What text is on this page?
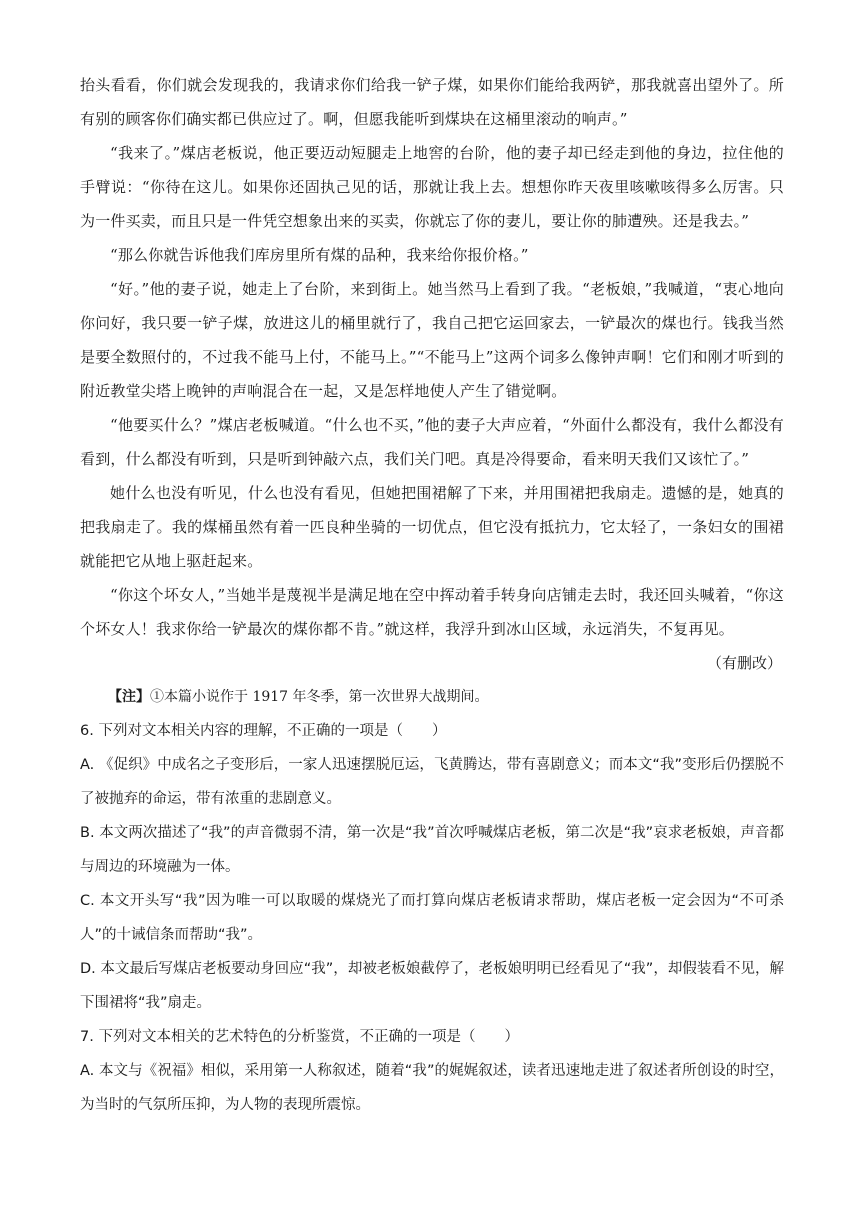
抬头看看，你们就会发现我的，我请求你们给我一铲子煤，如果你们能给我两铲，那我就喜出望外了。所有别的顾客你们确实都已供应过了。啊，但愿我能听到煤块在这桶里滚动的响声。”

“我来了。”煤店老板说，他正要迈动短腿走上地窖的台阶，他的妻子却已经走到他的身边，拉住他的手臂说：“你待在这儿。如果你还固执己见的话，那就让我上去。想想你昨天夜里咳嗽咳得多么厉害。只为一件买卖，而且只是一件凭空想象出来的买卖，你就忘了你的妻儿，要让你的肺遭殃。还是我去。”

“那么你就告诉他我们库房里所有煤的品种，我来给你报价格。”

“好。”他的妻子说，她走上了台阶，来到街上。她当然马上看到了我。“老板娘，”我喊道，“衷心地向你问好，我只要一铲子煤，放进这儿的桶里就行了，我自己把它运回家去，一铲最次的煤也行。钱我当然是要全数照付的，不过我不能马上付，不能马上。”“不能马上”这两个词多么像钟声啊！它们和刚才听到的附近教堂尖塔上晚钟的声响混合在一起，又是怎样地使人产生了错觉啊。

“他要买什么？”煤店老板喊道。“什么也不买，”他的妻子大声应着，“外面什么都没有，我什么都没有看到，什么都没有听到，只是听到钟敲六点，我们关门吧。真是冷得要命，看来明天我们又该忙了。”

她什么也没有听见，什么也没有看见，但她把围裙解了下来，并用围裙把我扇走。遗憾的是，她真的把我扇走了。我的煤桶虽然有着一匹良种坐骑的一切优点，但它没有抵抗力，它太轻了，一条妇女的围裙就能把它从地上驱赶起来。

“你这个坏女人，”当她半是蔑视半是满足地在空中挥动着手转身向店铺走去时，我还回头喊着，“你这个坏女人！我求你给一铲最次的煤你都不肯。”就这样，我浮升到冰山区域，永远消失，不复再见。

（有删改）

【注】①本篇小说作于 1917 年冬季，第一次世界大战期间。

6. 下列对文本相关内容的理解，不正确的一项是（　　）

A. 《促织》中成名之子变形后，一家人迅速摆脱厄运，飞黄腾达，带有喜剧意义；而本文“我”变形后仍摆脱不了被抛弃的命运，带有浓重的悲剧意义。

B. 本文两次描述了“我”的声音微弱不清，第一次是“我”首次呼喊煤店老板，第二次是“我”哀求老板娘，声音都与周边的环境融为一体。

C. 本文开头写“我”因为唯一可以取暖的煤烧光了而打算向煤店老板请求帮助，煤店老板一定会因为“不可杀人”的十诫信条而帮助“我”。

D. 本文最后写煤店老板要动身回应“我”，却被老板娘截停了，老板娘明明已经看见了“我”，却假装看不见，解下围裙将“我”扇走。

7. 下列对文本相关的艺术特色的分析鉴赏，不正确的一项是（　　）

A. 本文与《祝福》相似，采用第一人称叙述，随着“我”的娓娓叙述，读者迅速地走进了叙述者所创设的时空，为当时的气氛所压抑，为人物的表现所震惊。
